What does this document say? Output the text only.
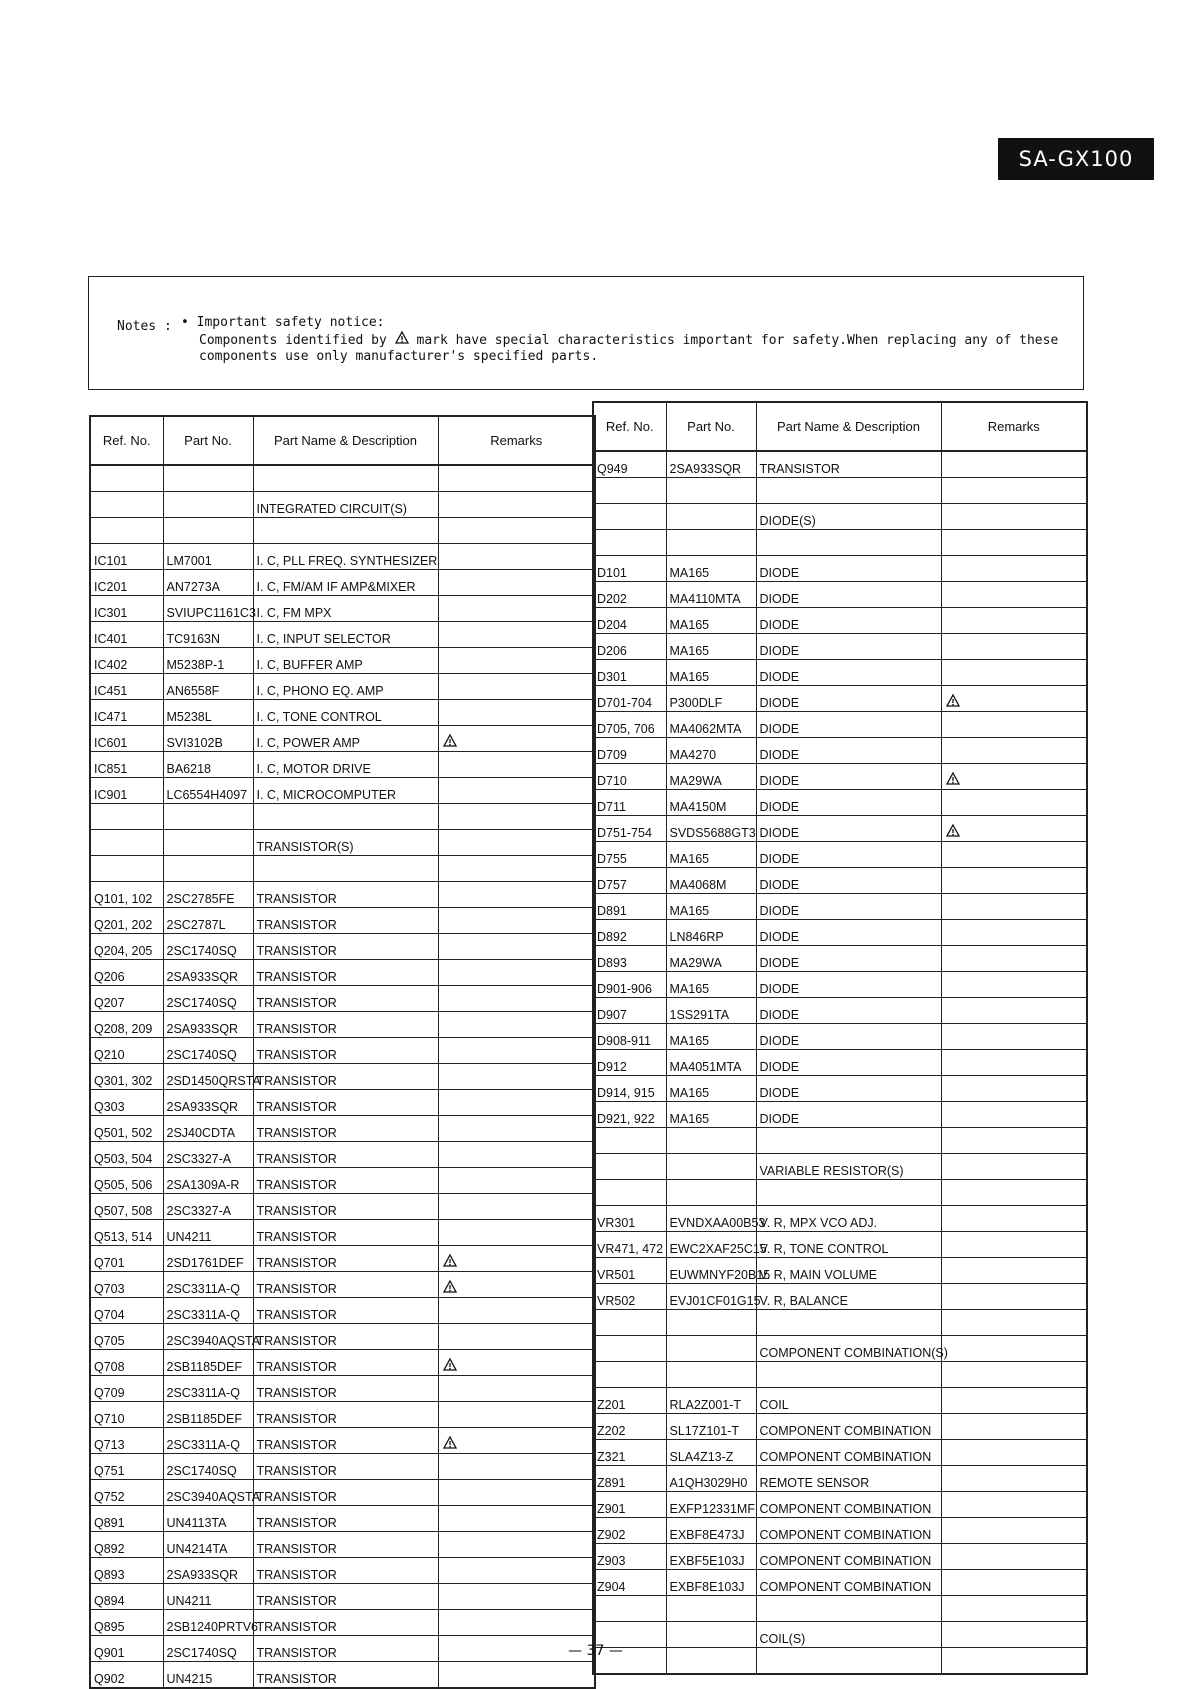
SA-GX100
Notes : • Important safety notice:
Components identified by mark have special characteristics important for safety.When replacing any of these
components use only manufacturer's specified parts.
Ref. No.	Part No.	Part Name & Description	Remarks

		INTEGRATED CIRCUIT(S)	

IC101	LM7001	I. C, PLL FREQ. SYNTHESIZER	
IC201	AN7273A	I. C, FM/AM IF AMP&MIXER	
IC301	SVIUPC1161C3	I. C, FM MPX	
IC401	TC9163N	I. C, INPUT SELECTOR	
IC402	M5238P-1	I. C, BUFFER AMP	
IC451	AN6558F	I. C, PHONO EQ. AMP	
IC471	M5238L	I. C, TONE CONTROL	
IC601	SVI3102B	I. C, POWER AMP	

IC851	BA6218	I. C, MOTOR DRIVE	
IC901	LC6554H4097	I. C, MICROCOMPUTER	

		TRANSISTOR(S)	

Q101, 102	2SC2785FE	TRANSISTOR	
Q201, 202	2SC2787L	TRANSISTOR	
Q204, 205	2SC1740SQ	TRANSISTOR	
Q206	2SA933SQR	TRANSISTOR	
Q207	2SC1740SQ	TRANSISTOR	
Q208, 209	2SA933SQR	TRANSISTOR	
Q210	2SC1740SQ	TRANSISTOR	
Q301, 302	2SD1450QRSTA	TRANSISTOR	
Q303	2SA933SQR	TRANSISTOR	
Q501, 502	2SJ40CDTA	TRANSISTOR	
Q503, 504	2SC3327-A	TRANSISTOR	
Q505, 506	2SA1309A-R	TRANSISTOR	
Q507, 508	2SC3327-A	TRANSISTOR	
Q513, 514	UN4211	TRANSISTOR	
Q701	2SD1761DEF	TRANSISTOR	

Q703	2SC3311A-Q	TRANSISTOR	

Q704	2SC3311A-Q	TRANSISTOR	
Q705	2SC3940AQSTA	TRANSISTOR	
Q708	2SB1185DEF	TRANSISTOR	

Q709	2SC3311A-Q	TRANSISTOR	
Q710	2SB1185DEF	TRANSISTOR	
Q713	2SC3311A-Q	TRANSISTOR	

Q751	2SC1740SQ	TRANSISTOR	
Q752	2SC3940AQSTA	TRANSISTOR	
Q891	UN4113TA	TRANSISTOR	
Q892	UN4214TA	TRANSISTOR	
Q893	2SA933SQR	TRANSISTOR	
Q894	UN4211	TRANSISTOR	
Q895	2SB1240PRTV6	TRANSISTOR	
Q901	2SC1740SQ	TRANSISTOR	
Q902	UN4215	TRANSISTOR	
Ref. No.	Part No.	Part Name & Description	Remarks
Q949	2SA933SQR	TRANSISTOR	

		DIODE(S)	

D101	MA165	DIODE	
D202	MA4110MTA	DIODE	
D204	MA165	DIODE	
D206	MA165	DIODE	
D301	MA165	DIODE	
D701-704	P300DLF	DIODE	

D705, 706	MA4062MTA	DIODE	
D709	MA4270	DIODE	
D710	MA29WA	DIODE	

D711	MA4150M	DIODE	
D751-754	SVDS5688GT3	DIODE	

D755	MA165	DIODE	
D757	MA4068M	DIODE	
D891	MA165	DIODE	
D892	LN846RP	DIODE	
D893	MA29WA	DIODE	
D901-906	MA165	DIODE	
D907	1SS291TA	DIODE	
D908-911	MA165	DIODE	
D912	MA4051MTA	DIODE	
D914, 915	MA165	DIODE	
D921, 922	MA165	DIODE	

		VARIABLE RESISTOR(S)	

VR301	EVNDXAA00B53	V. R, MPX VCO ADJ.	
VR471, 472	EWC2XAF25C15	V. R, TONE CONTROL	
VR501	EUWMNYF20B15	V. R, MAIN VOLUME	
VR502	EVJ01CF01G15	V. R, BALANCE	

		COMPONENT COMBINATION(S)	

Z201	RLA2Z001-T	COIL	
Z202	SL17Z101-T	COMPONENT COMBINATION	
Z321	SLA4Z13-Z	COMPONENT COMBINATION	
Z891	A1QH3029H0	REMOTE SENSOR	
Z901	EXFP12331MF	COMPONENT COMBINATION	
Z902	EXBF8E473J	COMPONENT COMBINATION	
Z903	EXBF5E103J	COMPONENT COMBINATION	
Z904	EXBF8E103J	COMPONENT COMBINATION	

		COIL(S)	

— 37 —
